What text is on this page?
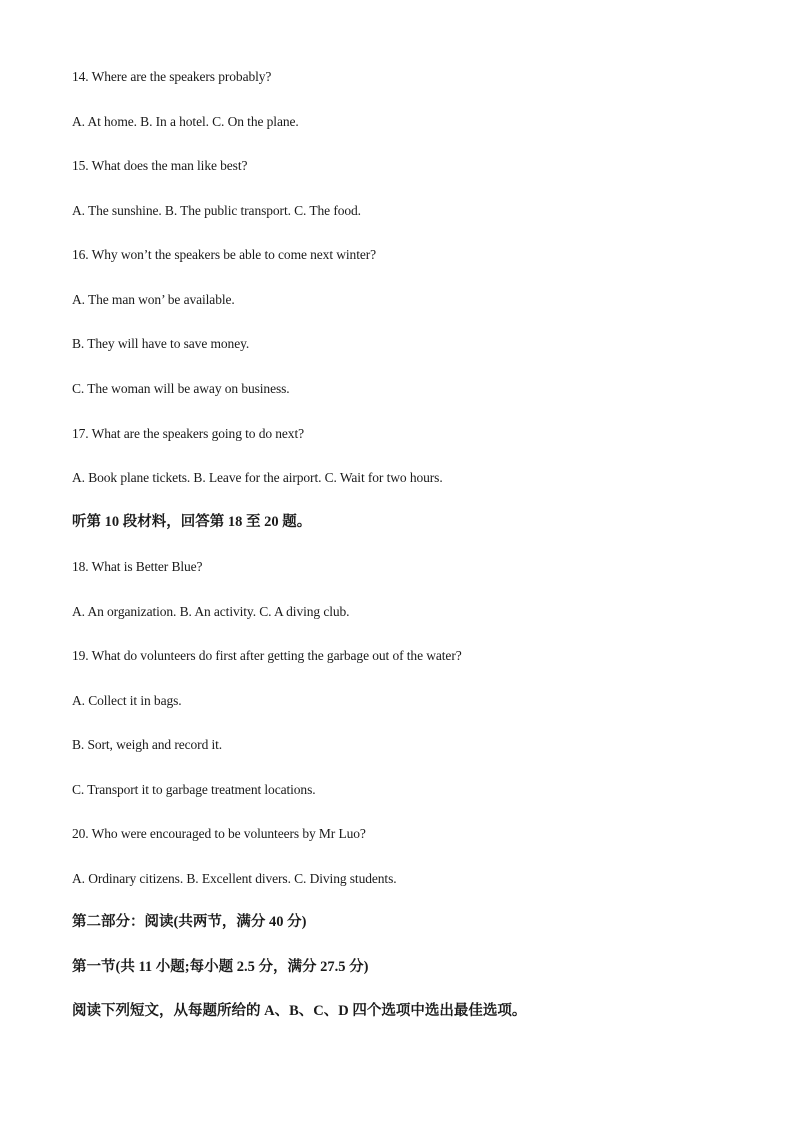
14. Where are the speakers probably?
A. At home. B. In a hotel. C. On the plane.
15. What does the man like best?
A. The sunshine. B. The public transport. C. The food.
16. Why won’t the speakers be able to come next winter?
A. The man won’ be available.
B. They will have to save money.
C. The woman will be away on business.
17. What are the speakers going to do next?
A. Book plane tickets. B. Leave for the airport. C. Wait for two hours.
听第 10 段材料，回答第 18 至 20 题。
18. What is Better Blue?
A. An organization. B. An activity. C. A diving club.
19. What do volunteers do first after getting the garbage out of the water?
A. Collect it in bags.
B. Sort, weigh and record it.
C. Transport it to garbage treatment locations.
20. Who were encouraged to be volunteers by Mr Luo?
A. Ordinary citizens. B. Excellent divers. C. Diving students.
第二部分：阅读(共两节，满分 40 分)
第一节(共 11 小题;每小题 2.5 分，满分 27.5 分)
阅读下列短文，从每题所给的 A、B、C、D 四个选项中选出最佳选项。
